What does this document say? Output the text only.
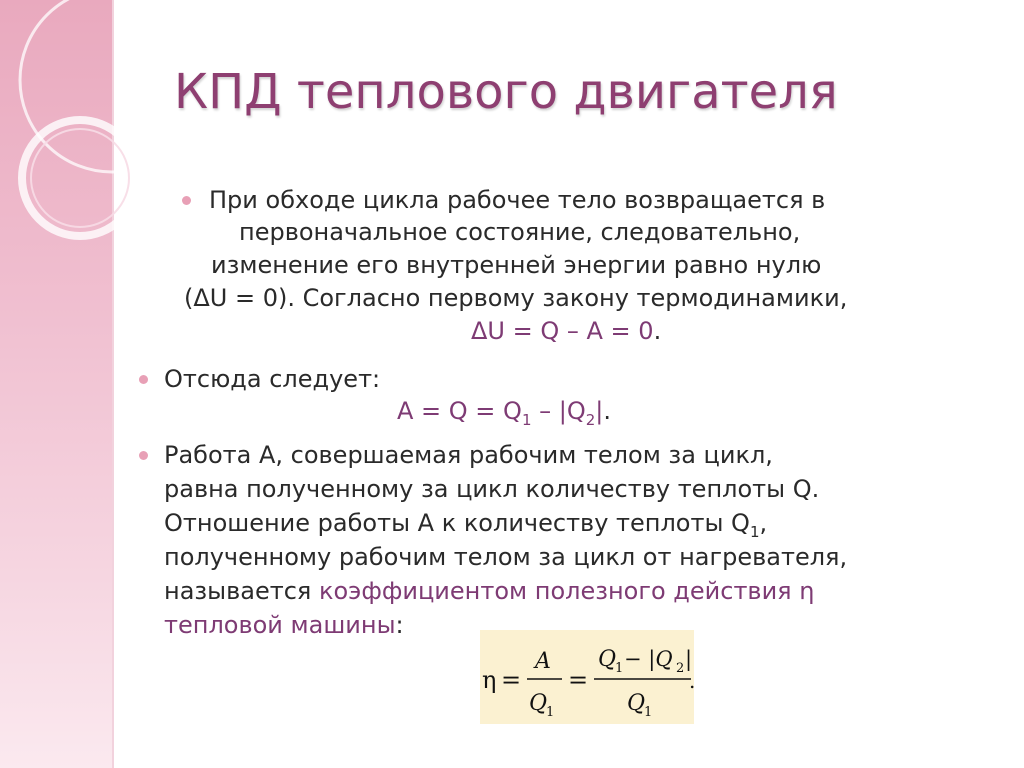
КПД теплового двигателя
При обходе цикла рабочее тело возвращается в
первоначальное состояние, следовательно,
изменение его внутренней энергии равно нулю
(ΔU = 0). Согласно первому закону термодинамики,
ΔU = Q – A = 0.
Отсюда следует:
$A = Q = Q_1 - |Q_2|$.
Работа A, совершаемая рабочим телом за цикл,
равна полученному за цикл количеству теплоты Q.
Отношение работы A к количеству теплоты $Q_1$,
полученному рабочим телом за цикл от нагревателя,
называется коэффициентом полезного действия η
тепловой машины:
η =
A
Q
1
=
Q
1 − |Q 2 |
Q
1
.
